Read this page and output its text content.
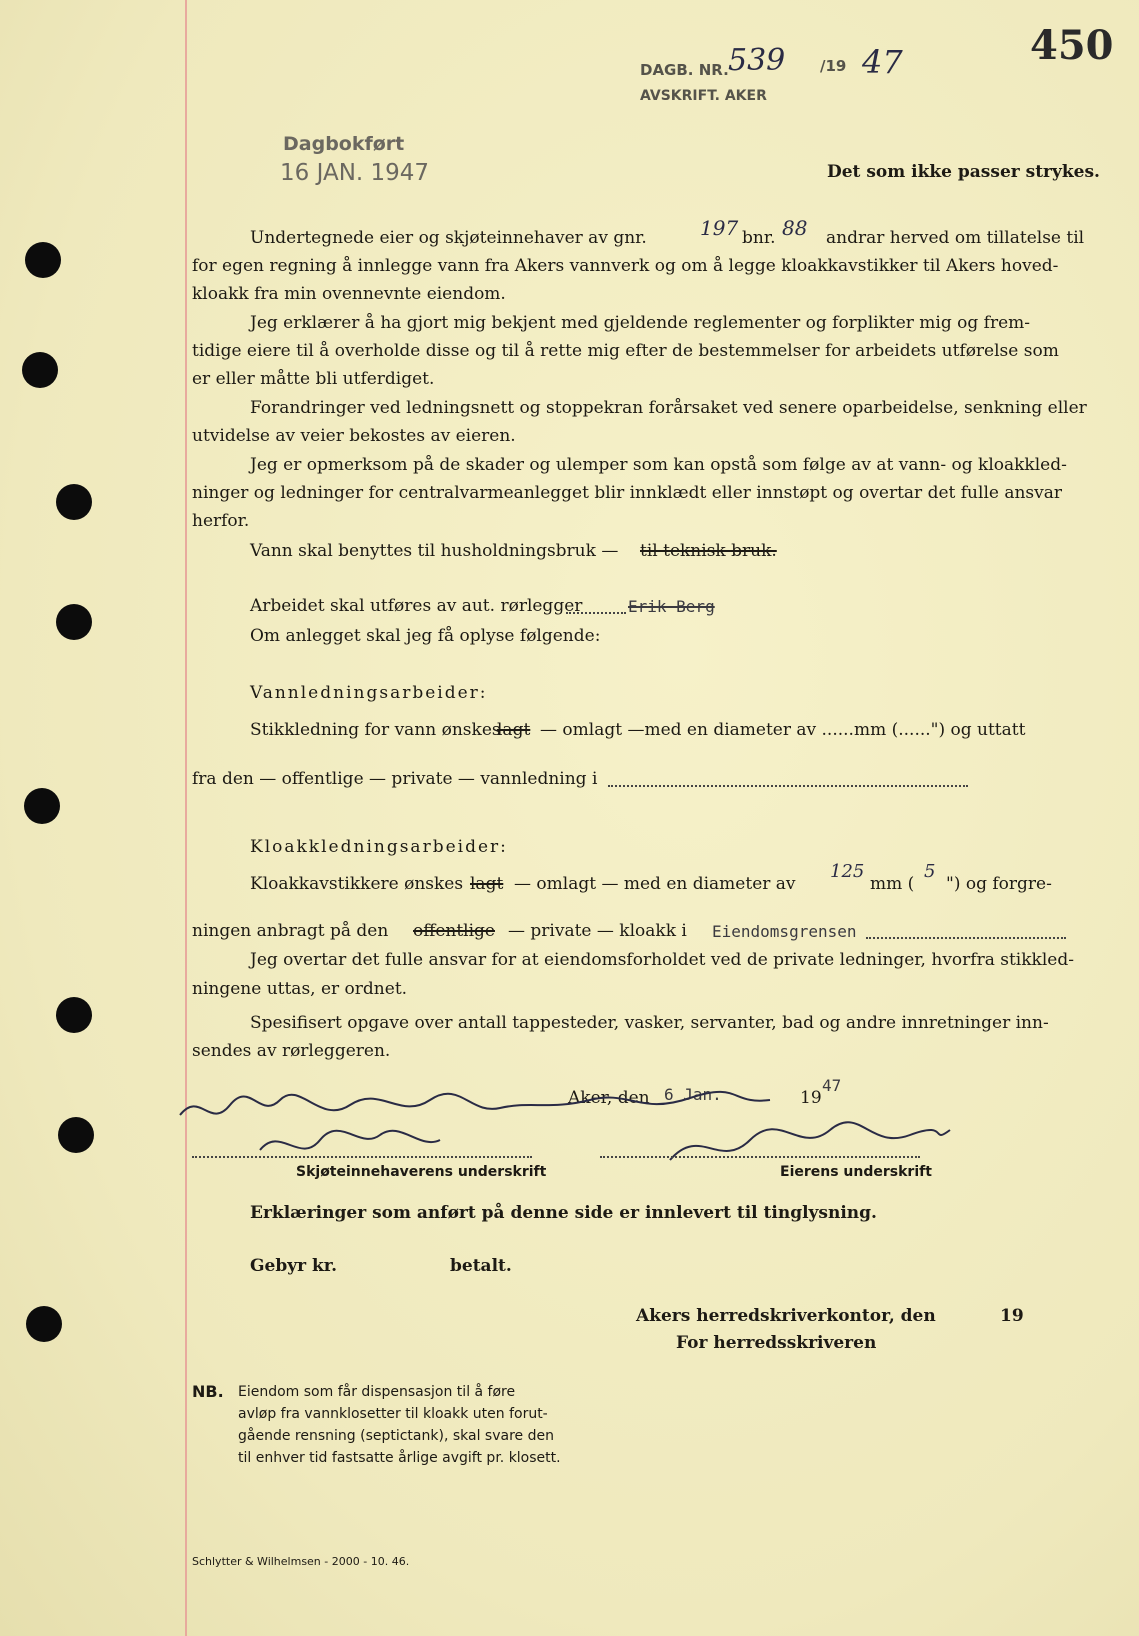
DAGB. NR. 539 /19 47
AVSKRIFT. AKER
450
Dagbokført
16 JAN. 1947	Det som ikke passer strykes.
Undertegnede eier og skjøteinnehaver av gnr.	197 bnr. 88 andrar herved om tillatelse til
for egen regning å innlegge vann fra Akers vannverk og om å legge kloakkavstikker til Akers hoved-
kloakk fra min ovennevnte eiendom.
Jeg erklærer å ha gjort mig bekjent med gjeldende reglementer og forplikter mig og frem-
tidige eiere til å overholde disse og til å rette mig efter de bestemmelser for arbeidets utførelse som
er eller måtte bli utferdiget.
Forandringer ved ledningsnett og stoppekran forårsaket ved senere oparbeidelse, senkning eller
utvidelse av veier bekostes av eieren.
Jeg er opmerksom på de skader og ulemper som kan opstå som følge av at vann- og kloakkled-
ninger og ledninger for centralvarmeanlegget blir innklædt eller innstøpt og overtar det fulle ansvar
herfor.
Vann skal benyttes til husholdningsbruk — til teknisk bruk.
Arbeidet skal utføres av aut. rørlegger	Erik Berg
Om anlegget skal jeg få oplyse følgende:
Vannledningsarbeider:
Stikkledning for vann ønskes
lagt — omlagt —med en diameter av ......mm (......") og uttatt
fra den — offentlige — private — vannledning i
Kloakkledningsarbeider:
Kloakkavstikkere ønskes lagt — omlagt — med en diameter av
125
mm (
5
") og forgre-
ningen anbragt på den offentlige — private — kloakk i Eiendomsgrensen
Jeg overtar det fulle ansvar for at eiendomsforholdet ved de private ledninger, hvorfra stikkled-
ningene uttas, er ordnet.
Spesifisert opgave over antall tappesteder, vasker, servanter, bad og andre innretninger inn-
sendes av rørleggeren.
Aker, den 6 Jan.	19
47
Skjøteinnehaverens underskrift	Eierens underskrift
Erklæringer som anført på denne side er innlevert til tinglysning.
Gebyr kr.	betalt.
Akers herredskriverkontor, den	19
For herredsskriveren
NB. Eiendom som får dispensasjon til å føre
avløp fra vannklosetter til kloakk uten forut-
gående rensning (septictank), skal svare den
til enhver tid fastsatte årlige avgift pr. klosett.
Schlytter & Wilhelmsen - 2000 - 10. 46.
